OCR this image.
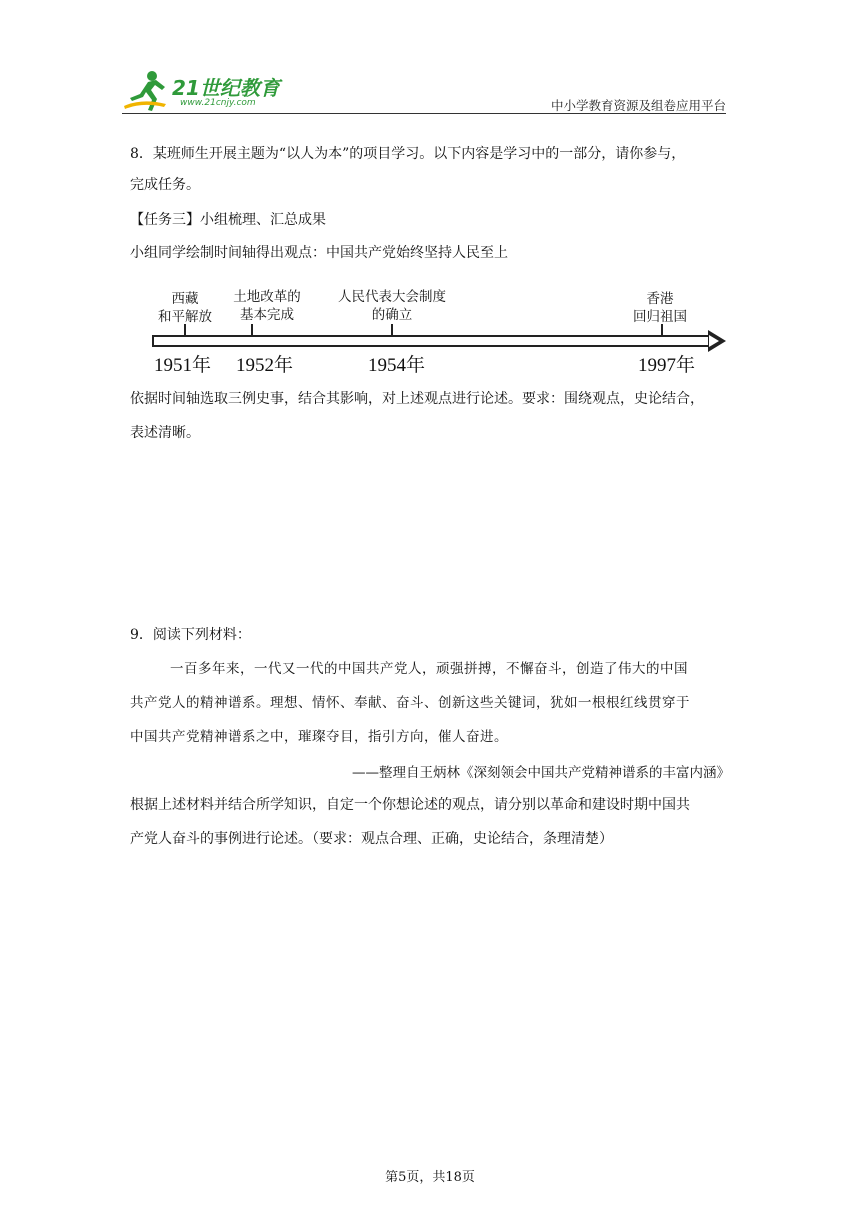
21世纪教育
www.21cnjy.com	中小学教育资源及组卷应用平台
8．某班师生开展主题为“以人为本”的项目学习。以下内容是学习中的一部分，请你参与，
完成任务。
【任务三】小组梳理、汇总成果
小组同学绘制时间轴得出观点：中国共产党始终坚持人民至上
西藏
和平解放
土地改革的
基本完成
人民代表大会制度
的确立
香港
回归祖国
1951年 1952年	1954年	1997年
依据时间轴选取三例史事，结合其影响，对上述观点进行论述。要求：围绕观点，史论结合，
表述清晰。
9．阅读下列材料：
一百多年来，一代又一代的中国共产党人，顽强拼搏，不懈奋斗，创造了伟大的中国
共产党人的精神谱系。理想、情怀、奉献、奋斗、创新这些关键词，犹如一根根红线贯穿于
中国共产党精神谱系之中，璀璨夺目，指引方向，催人奋进。
——整理自王炳林《深刻领会中国共产党精神谱系的丰富内涵》
根据上述材料并结合所学知识，自定一个你想论述的观点，请分别以革命和建设时期中国共
产党人奋斗的事例进行论述。（要求：观点合理、正确，史论结合，条理清楚）
第5页，共18页
